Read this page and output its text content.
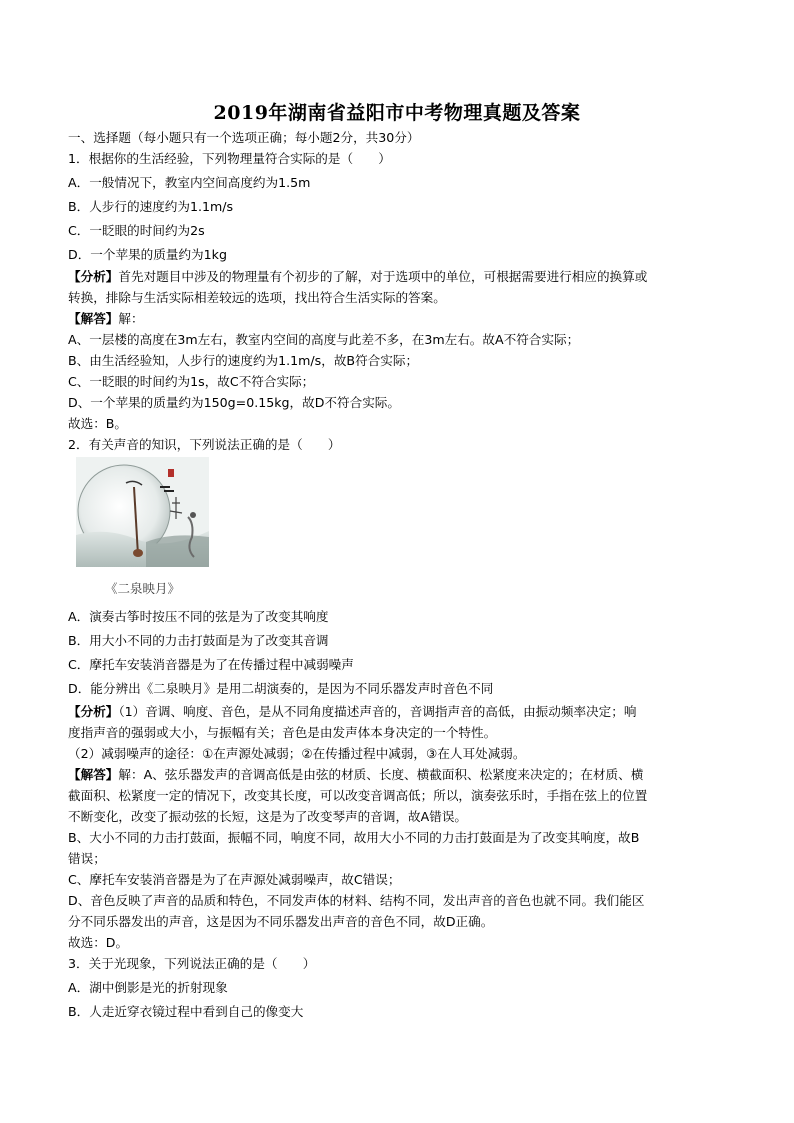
2019年湖南省益阳市中考物理真题及答案
一、选择题（每小题只有一个选项正确；每小题2分，共30分）
1．根据你的生活经验，下列物理量符合实际的是（　　）
A．一般情况下，教室内空间高度约为1.5m
B．人步行的速度约为1.1m/s
C．一眨眼的时间约为2s
D．一个苹果的质量约为1kg
【分析】首先对题目中涉及的物理量有个初步的了解，对于选项中的单位，可根据需要进行相应的换算或
转换，排除与生活实际相差较远的选项，找出符合生活实际的答案。
【解答】解：
A、一层楼的高度在3m左右，教室内空间的高度与此差不多，在3m左右。故A不符合实际；
B、由生活经验知，人步行的速度约为1.1m/s，故B符合实际；
C、一眨眼的时间约为1s，故C不符合实际；
D、一个苹果的质量约为150g=0.15kg，故D不符合实际。
故选：B。
2．有关声音的知识，下列说法正确的是（　　）
《二泉映月》
A．演奏古筝时按压不同的弦是为了改变其响度
B．用大小不同的力击打鼓面是为了改变其音调
C．摩托车安装消音器是为了在传播过程中减弱噪声
D．能分辨出《二泉映月》是用二胡演奏的，是因为不同乐器发声时音色不同
【分析】（1）音调、响度、音色，是从不同角度描述声音的，音调指声音的高低，由振动频率决定；响
度指声音的强弱或大小，与振幅有关；音色是由发声体本身决定的一个特性。
（2）减弱噪声的途径：①在声源处减弱；②在传播过程中减弱，③在人耳处减弱。
【解答】解：A、弦乐器发声的音调高低是由弦的材质、长度、横截面积、松紧度来决定的；在材质、横
截面积、松紧度一定的情况下，改变其长度，可以改变音调高低；所以，演奏弦乐时，手指在弦上的位置
不断变化，改变了振动弦的长短，这是为了改变琴声的音调，故A错误。
B、大小不同的力击打鼓面，振幅不同，响度不同，故用大小不同的力击打鼓面是为了改变其响度，故B
错误；
C、摩托车安装消音器是为了在声源处减弱噪声，故C错误；
D、音色反映了声音的品质和特色，不同发声体的材料、结构不同，发出声音的音色也就不同。我们能区
分不同乐器发出的声音，这是因为不同乐器发出声音的音色不同，故D正确。
故选：D。
3．关于光现象，下列说法正确的是（　　）
A．湖中倒影是光的折射现象
B．人走近穿衣镜过程中看到自己的像变大
